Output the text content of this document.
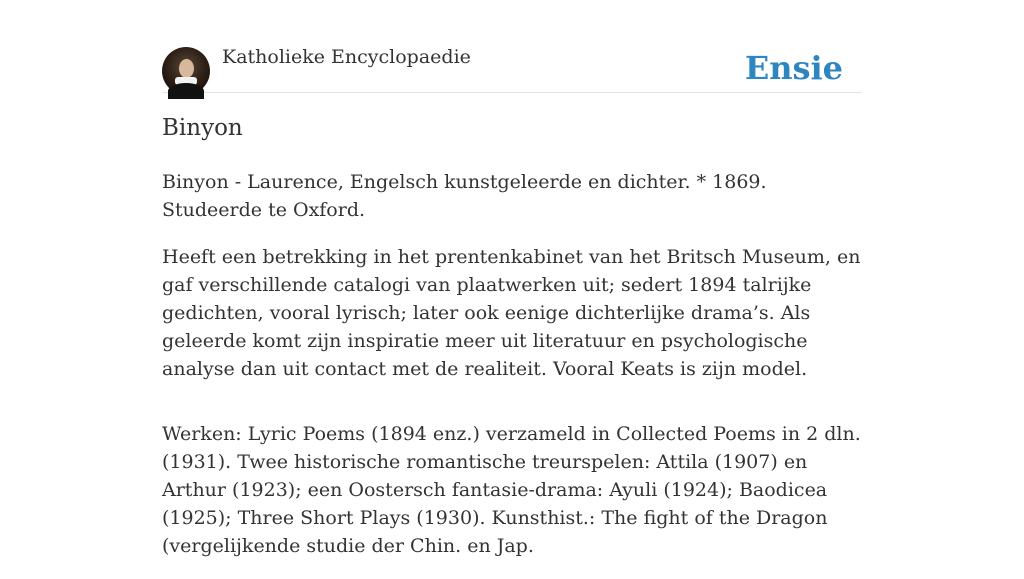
Katholieke Encyclopaedie	Ensie
Binyon

Binyon - Laurence, Engelsch kunstgeleerde en dichter. * 1869. Studeerde te Oxford.

Heeft een betrekking in het prentenkabinet van het Britsch Museum, en gaf verschillende catalogi van plaatwerken uit; sedert 1894 talrijke gedichten, vooral lyrisch; later ook eenige dichterlijke drama’s. Als geleerde komt zijn inspiratie meer uit literatuur en psychologische analyse dan uit contact met de realiteit. Vooral Keats is zijn model.

Werken: Lyric Poems (1894 enz.) verzameld in Collected Poems in 2 dln. (1931). Twee historische romantische treurspelen: Attila (1907) en Arthur (1923); een Oostersch fantasie-drama: Ayuli (1924); Baodicea (1925); Three Short Plays (1930). Kunsthist.: The fight of the Dragon (vergelijkende studie der Chin. en Jap.
